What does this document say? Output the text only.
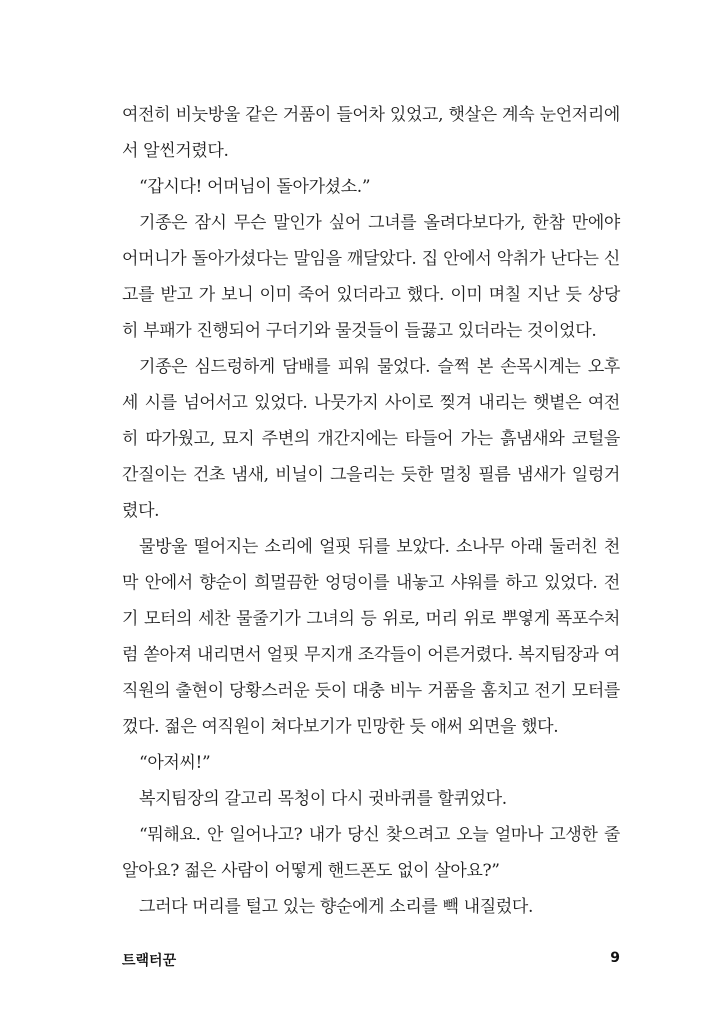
여전히 비눗방울 같은 거품이 들어차 있었고, 햇살은 계속 눈언저리에 서 알씬거렸다.

“갑시다! 어머님이 돌아가셨소.”

기종은 잠시 무슨 말인가 싶어 그녀를 올려다보다가, 한참 만에야 어머니가 돌아가셨다는 말임을 깨달았다. 집 안에서 악취가 난다는 신고를 받고 가 보니 이미 죽어 있더라고 했다. 이미 며칠 지난 듯 상당히 부패가 진행되어 구더기와 물것들이 들끓고 있더라는 것이었다.

기종은 심드렁하게 담배를 피워 물었다. 슬쩍 본 손목시계는 오후 세 시를 넘어서고 있었다. 나뭇가지 사이로 찢겨 내리는 햇볕은 여전히 따가웠고, 묘지 주변의 개간지에는 타들어 가는 흙냄새와 코털을 간질이는 건초 냄새, 비닐이 그을리는 듯한 멀칭 필름 냄새가 일렁거렸다.

물방울 떨어지는 소리에 얼핏 뒤를 보았다. 소나무 아래 둘러친 천막 안에서 향순이 희멀끔한 엉덩이를 내놓고 샤워를 하고 있었다. 전기 모터의 세찬 물줄기가 그녀의 등 위로, 머리 위로 뿌옇게 폭포수처럼 쏟아져 내리면서 얼핏 무지개 조각들이 어른거렸다. 복지팀장과 여직원의 출현이 당황스러운 듯이 대충 비누 거품을 훔치고 전기 모터를 껐다. 젊은 여직원이 쳐다보기가 민망한 듯 애써 외면을 했다.

“아저씨!”

복지팀장의 갈고리 목청이 다시 귓바퀴를 할퀴었다.

“뭐해요. 안 일어나고? 내가 당신 찾으려고 오늘 얼마나 고생한 줄 알아요? 젊은 사람이 어떻게 핸드폰도 없이 살아요?”

그러다 머리를 털고 있는 향순에게 소리를 빽 내질렀다.

트랙터꾼	9
